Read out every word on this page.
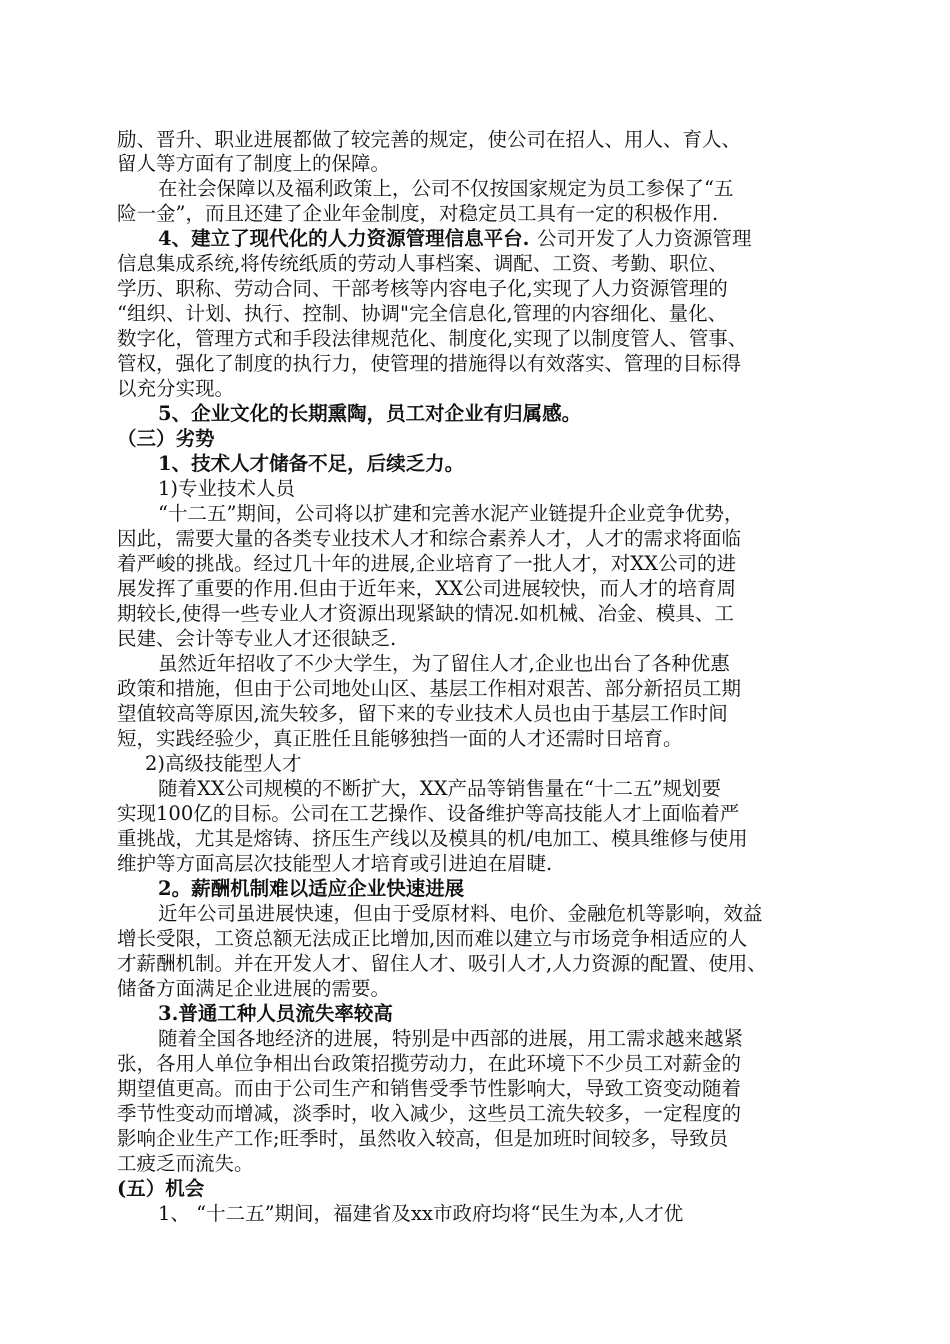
励、晋升、职业进展都做了较完善的规定，使公司在招人、用人、育人、
留人等方面有了制度上的保障。
在社会保障以及福利政策上，公司不仅按国家规定为员工参保了“五
险一金”，而且还建了企业年金制度，对稳定员工具有一定的积极作用.
4、建立了现代化的人力资源管理信息平台. 公司开发了人力资源管理
信息集成系统,将传统纸质的劳动人事档案、调配、工资、考勤、职位、
学历、职称、劳动合同、干部考核等内容电子化,实现了人力资源管理的
“组织、计划、执行、控制、协调"完全信息化,管理的内容细化、量化、
数字化，管理方式和手段法律规范化、制度化,实现了以制度管人、管事、
管权，强化了制度的执行力，使管理的措施得以有效落实、管理的目标得
以充分实现。
5、企业文化的长期熏陶，员工对企业有归属感。
（三）劣势
1、技术人才储备不足，后续乏力。
1)专业技术人员
“十二五”期间，公司将以扩建和完善水泥产业链提升企业竞争优势，
因此，需要大量的各类专业技术人才和综合素养人才，人才的需求将面临
着严峻的挑战。经过几十年的进展,企业培育了一批人才，对XX公司的进
展发挥了重要的作用.但由于近年来，XX公司进展较快，而人才的培育周
期较长,使得一些专业人才资源出现紧缺的情况.如机械、冶金、模具、工
民建、会计等专业人才还很缺乏.
虽然近年招收了不少大学生，为了留住人才,企业也出台了各种优惠
政策和措施，但由于公司地处山区、基层工作相对艰苦、部分新招员工期
望值较高等原因,流失较多，留下来的专业技术人员也由于基层工作时间
短，实践经验少，真正胜任且能够独挡一面的人才还需时日培育。
2)高级技能型人才
随着XX公司规模的不断扩大，XX产品等销售量在“十二五”规划要
实现100亿的目标。公司在工艺操作、设备维护等高技能人才上面临着严
重挑战，尤其是熔铸、挤压生产线以及模具的机/电加工、模具维修与使用
维护等方面高层次技能型人才培育或引进迫在眉睫.
2。薪酬机制难以适应企业快速进展
近年公司虽进展快速，但由于受原材料、电价、金融危机等影响，效益
增长受限，工资总额无法成正比增加,因而难以建立与市场竞争相适应的人
才薪酬机制。并在开发人才、留住人才、吸引人才,人力资源的配置、使用、
储备方面满足企业进展的需要。
3.普通工种人员流失率较高
随着全国各地经济的进展，特别是中西部的进展，用工需求越来越紧
张，各用人单位争相出台政策招揽劳动力，在此环境下不少员工对薪金的
期望值更高。而由于公司生产和销售受季节性影响大，导致工资变动随着
季节性变动而增减，淡季时，收入减少，这些员工流失较多，一定程度的
影响企业生产工作;旺季时，虽然收入较高，但是加班时间较多，导致员
工疲乏而流失。
(五）机会
1、 “十二五”期间，福建省及xx市政府均将“民生为本,人才优
